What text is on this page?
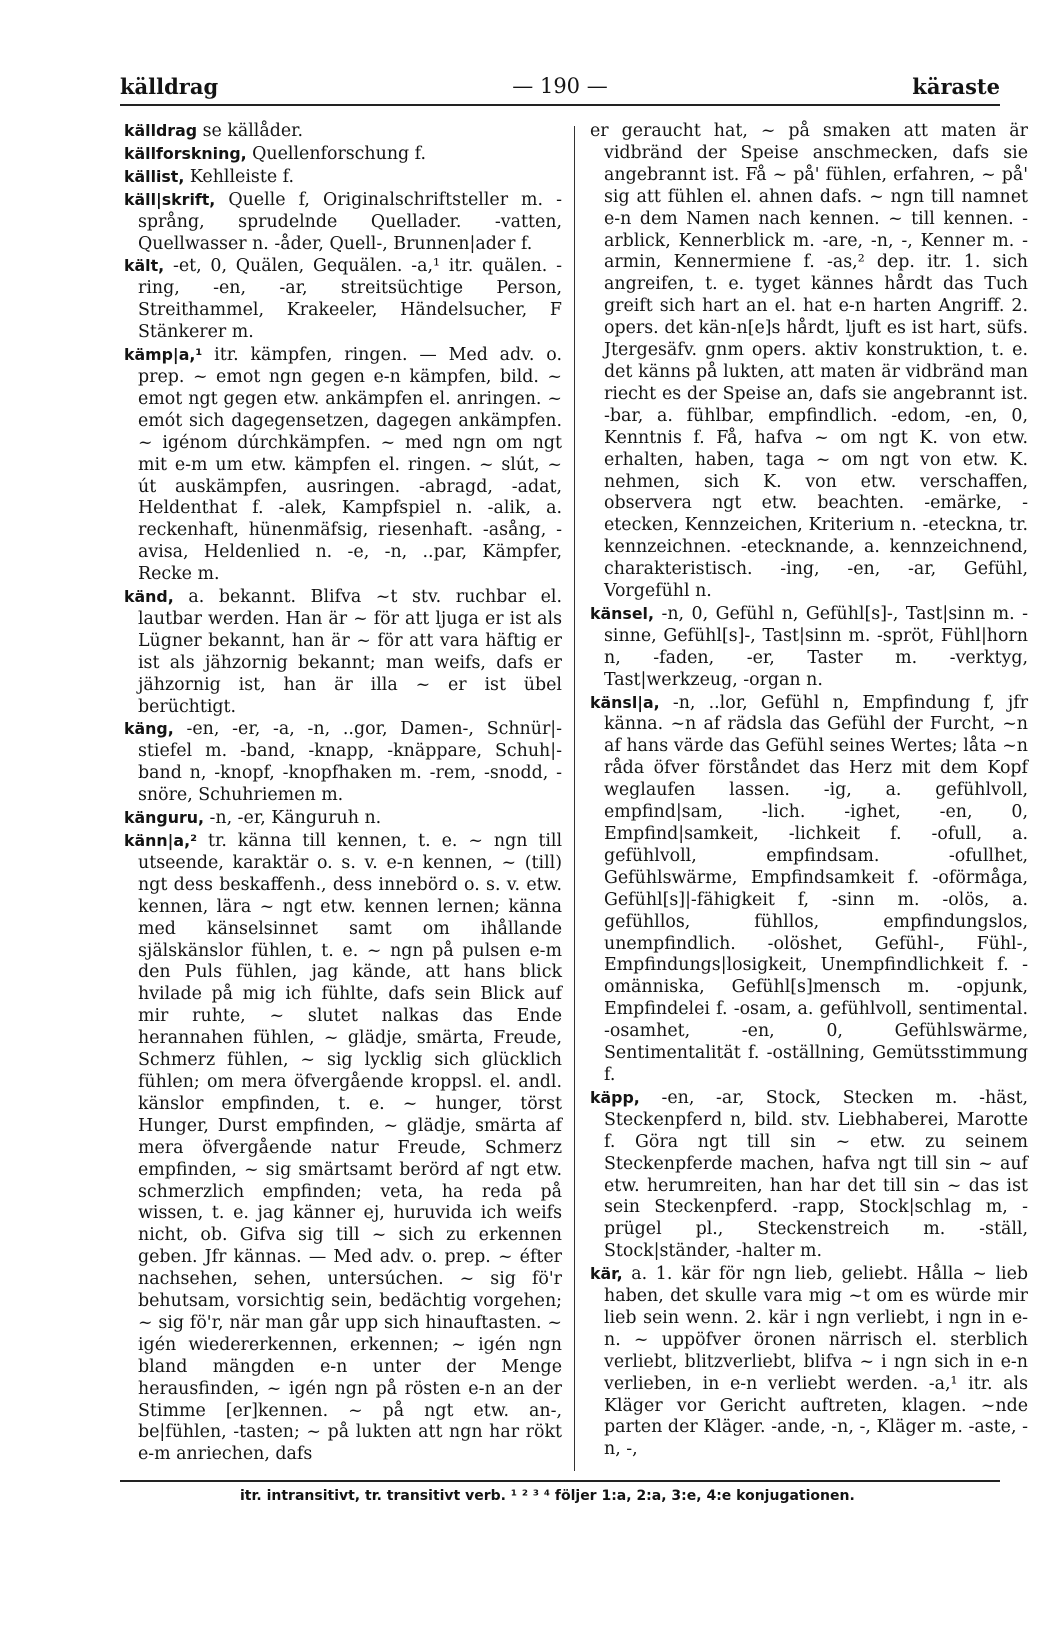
— 190 —
källdrag	käraste

källdrag se källåder.

källforskning, Quellenforschung f.

källist, Kehlleiste f.

käll|skrift, Quelle f, Originalschriftsteller m. -språng, sprudelnde Quellader. -vatten, Quellwasser n. -åder, Quell-, Brunnen|ader f.

kält, -et, 0, Quälen, Gequälen. -a,¹ itr. quälen. -ring, -en, -ar, streitsüchtige Person, Streithammel, Krakeeler, Händelsucher, F Stänkerer m.

kämp|a,¹ itr. kämpfen, ringen. — Med adv. o. prep. ~ emot ngn gegen e-n kämpfen, bild. ~ emot ngt gegen etw. ankämpfen el. anringen. ~ emót sich dagegensetzen, dagegen ankämpfen. ~ igénom dúrchkämpfen. ~ med ngn om ngt mit e-m um etw. kämpfen el. ringen. ~ slút, ~ út auskämpfen, ausringen. -abragd, -adat, Heldenthat f. -alek, Kampfspiel n. -alik, a. reckenhaft, hünenmäfsig, riesenhaft. -asång, -avisa, Heldenlied n. -e, -n, ..par, Kämpfer, Recke m.

känd, a. bekannt. Blifva ~t stv. ruchbar el. lautbar werden. Han är ~ för att ljuga er ist als Lügner bekannt, han är ~ för att vara häftig er ist als jähzornig bekannt; man weifs, dafs er jähzornig ist, han är illa ~ er ist übel berüchtigt.

käng, -en, -er, -a, -n, ..gor, Damen-, Schnür|-stiefel m. -band, -knapp, -knäppare, Schuh|-band n, -knopf, -knopfhaken m. -rem, -snodd, -snöre, Schuhriemen m.

känguru, -n, -er, Känguruh n.

känn|a,² tr. känna till kennen, t. e. ~ ngn till utseende, karaktär o. s. v. e-n kennen, ~ (till) ngt dess beskaffenh., dess innebörd o. s. v. etw. kennen, lära ~ ngt etw. kennen lernen; känna med känselsinnet samt om ihållande själskänslor fühlen, t. e. ~ ngn på pulsen e-m den Puls fühlen, jag kände, att hans blick hvilade på mig ich fühlte, dafs sein Blick auf mir ruhte, ~ slutet nalkas das Ende herannahen fühlen, ~ glädje, smärta, Freude, Schmerz fühlen, ~ sig lycklig sich glücklich fühlen; om mera öfvergående kroppsl. el. andl. känslor empfinden, t. e. ~ hunger, törst Hunger, Durst empfinden, ~ glädje, smärta af mera öfvergående natur Freude, Schmerz empfinden, ~ sig smärtsamt berörd af ngt etw. schmerzlich empfinden; veta, ha reda på wissen, t. e. jag känner ej, huruvida ich weifs nicht, ob. Gifva sig till ~ sich zu erkennen geben. Jfr kännas. — Med adv. o. prep. ~ éfter nachsehen, sehen, untersúchen. ~ sig fö'r behutsam, vorsichtig sein, bedächtig vorgehen; ~ sig fö'r, när man går upp sich hinauftasten. ~ igén wiedererkennen, erkennen; ~ igén ngn bland mängden e-n unter der Menge herausfinden, ~ igén ngn på rösten e-n an der Stimme [er]kennen. ~ på ngt etw. an-, be|fühlen, -tasten; ~ på lukten att ngn har rökt e-m anriechen, dafs

er geraucht hat, ~ på smaken att maten är vidbränd der Speise anschmecken, dafs sie angebrannt ist. Få ~ på' fühlen, erfahren, ~ på' sig att fühlen el. ahnen dafs. ~ ngn till namnet e-n dem Namen nach kennen. ~ till kennen. -arblick, Kennerblick m. -are, -n, -, Kenner m. -armin, Kennermiene f. -as,² dep. itr. 1. sich angreifen, t. e. tyget kännes hårdt das Tuch greift sich hart an el. hat e-n harten Angriff. 2. opers. det kän-n[e]s hårdt, ljuft es ist hart, süfs. Jtergesäfv. gnm opers. aktiv konstruktion, t. e. det känns på lukten, att maten är vidbränd man riecht es der Speise an, dafs sie angebrannt ist. -bar, a. fühlbar, empfindlich. -edom, -en, 0, Kenntnis f. Få, hafva ~ om ngt K. von etw. erhalten, haben, taga ~ om ngt von etw. K. nehmen, sich K. von etw. verschaffen, observera ngt etw. beachten. -emärke, -etecken, Kennzeichen, Kriterium n. -eteckna, tr. kennzeichnen. -etecknande, a. kennzeichnend, charakteristisch. -ing, -en, -ar, Gefühl, Vorgefühl n.

känsel, -n, 0, Gefühl n, Gefühl[s]-, Tast|sinn m. -sinne, Gefühl[s]-, Tast|sinn m. -spröt, Fühl|horn n, -faden, -er, Taster m. -verktyg, Tast|werkzeug, -organ n.

känsl|a, -n, ..lor, Gefühl n, Empfindung f, jfr känna. ~n af rädsla das Gefühl der Furcht, ~n af hans värde das Gefühl seines Wertes; låta ~n råda öfver förståndet das Herz mit dem Kopf weglaufen lassen. -ig, a. gefühlvoll, empfind|sam, -lich. -ighet, -en, 0, Empfind|samkeit, -lichkeit f. -ofull, a. gefühlvoll, empfindsam. -ofullhet, Gefühlswärme, Empfindsamkeit f. -oförmåga, Gefühl[s]|-fähigkeit f, -sinn m. -olös, a. gefühllos, fühllos, empfindungslos, unempfindlich. -olöshet, Gefühl-, Fühl-, Empfindungs|losigkeit, Unempfindlichkeit f. -omänniska, Gefühl[s]mensch m. -opjunk, Empfindelei f. -osam, a. gefühlvoll, sentimental. -osamhet, -en, 0, Gefühlswärme, Sentimentalität f. -oställning, Gemütsstimmung f.

käpp, -en, -ar, Stock, Stecken m. -häst, Steckenpferd n, bild. stv. Liebhaberei, Marotte f. Göra ngt till sin ~ etw. zu seinem Steckenpferde machen, hafva ngt till sin ~ auf etw. herumreiten, han har det till sin ~ das ist sein Steckenpferd. -rapp, Stock|schlag m, -prügel pl., Steckenstreich m. -ställ, Stock|ständer, -halter m.

kär, a. 1. kär för ngn lieb, geliebt. Hålla ~ lieb haben, det skulle vara mig ~t om es würde mir lieb sein wenn. 2. kär i ngn verliebt, i ngn in e-n. ~ uppöfver öronen närrisch el. sterblich verliebt, blitzverliebt, blifva ~ i ngn sich in e-n verlieben, in e-n verliebt werden. -a,¹ itr. als Kläger vor Gericht auftreten, klagen. ~nde parten der Kläger. -ande, -n, -, Kläger m. -aste, -n, -,

itr. intransitivt, tr. transitivt verb. ¹ ² ³ ⁴ följer 1:a, 2:a, 3:e, 4:e konjugationen.
